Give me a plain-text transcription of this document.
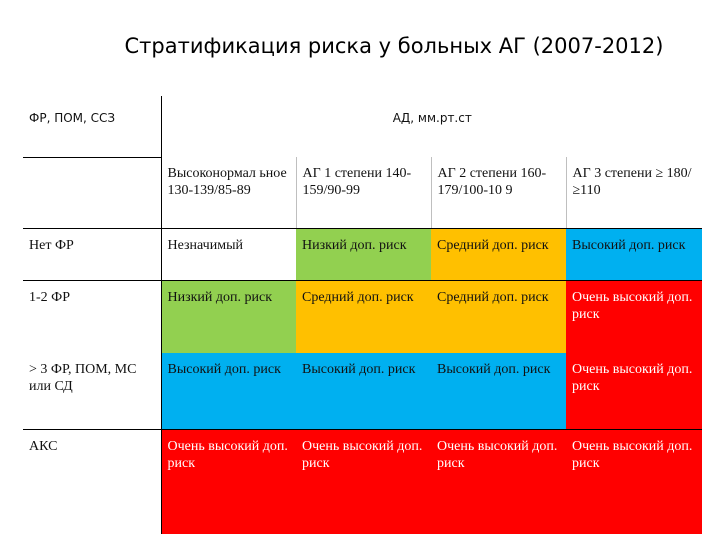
Стратификация риска у больных АГ (2007-2012)
ФР, ПОМ, ССЗ	АД, мм.рт.ст			
	Высоконормал ьное 130-139/85-89	АГ 1 степени 140-159/90-99	АГ 2 степени 160-179/100-10 9	АГ 3 степени ≥ 180/≥110
Нет ФР	Незначимый	Низкий доп. риск	Средний доп. риск	Высокий доп. риск
1-2 ФР	Низкий доп. риск	Средний доп. риск	Средний доп. риск	Очень высокий доп. риск
> 3 ФР, ПОМ, МС или СД	Высокий доп. риск	Высокий доп. риск	Высокий доп. риск	Очень высокий доп. риск
АКС	Очень высокий доп. риск	Очень высокий доп. риск	Очень высокий доп. риск	Очень высокий доп. риск
